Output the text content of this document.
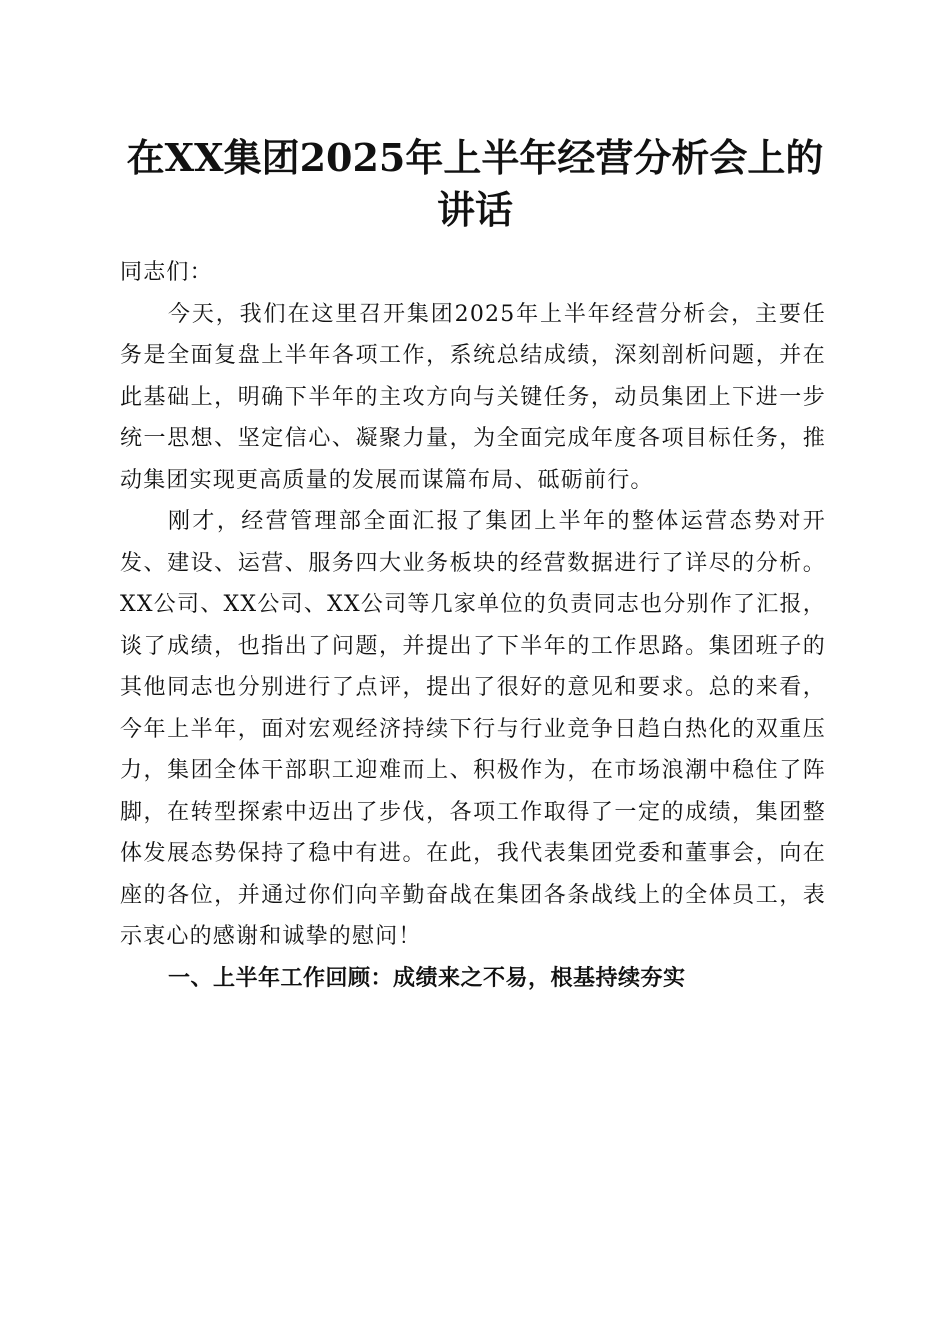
在XX集团2025年上半年经营分析会上的讲话

同志们：

今天，我们在这里召开集团2025年上半年经营分析会，主要任务是全面复盘上半年各项工作，系统总结成绩，深刻剖析问题，并在此基础上，明确下半年的主攻方向与关键任务，动员集团上下进一步统一思想、坚定信心、凝聚力量，为全面完成年度各项目标任务，推动集团实现更高质量的发展而谋篇布局、砥砺前行。

刚才，经营管理部全面汇报了集团上半年的整体运营态势对开发、建设、运营、服务四大业务板块的经营数据进行了详尽的分析。XX公司、XX公司、XX公司等几家单位的负责同志也分别作了汇报，谈了成绩，也指出了问题，并提出了下半年的工作思路。集团班子的其他同志也分别进行了点评，提出了很好的意见和要求。总的来看，今年上半年，面对宏观经济持续下行与行业竞争日趋白热化的双重压力，集团全体干部职工迎难而上、积极作为，在市场浪潮中稳住了阵脚，在转型探索中迈出了步伐，各项工作取得了一定的成绩，集团整体发展态势保持了稳中有进。在此，我代表集团党委和董事会，向在座的各位，并通过你们向辛勤奋战在集团各条战线上的全体员工，表示衷心的感谢和诚挚的慰问！

一、上半年工作回顾：成绩来之不易，根基持续夯实
